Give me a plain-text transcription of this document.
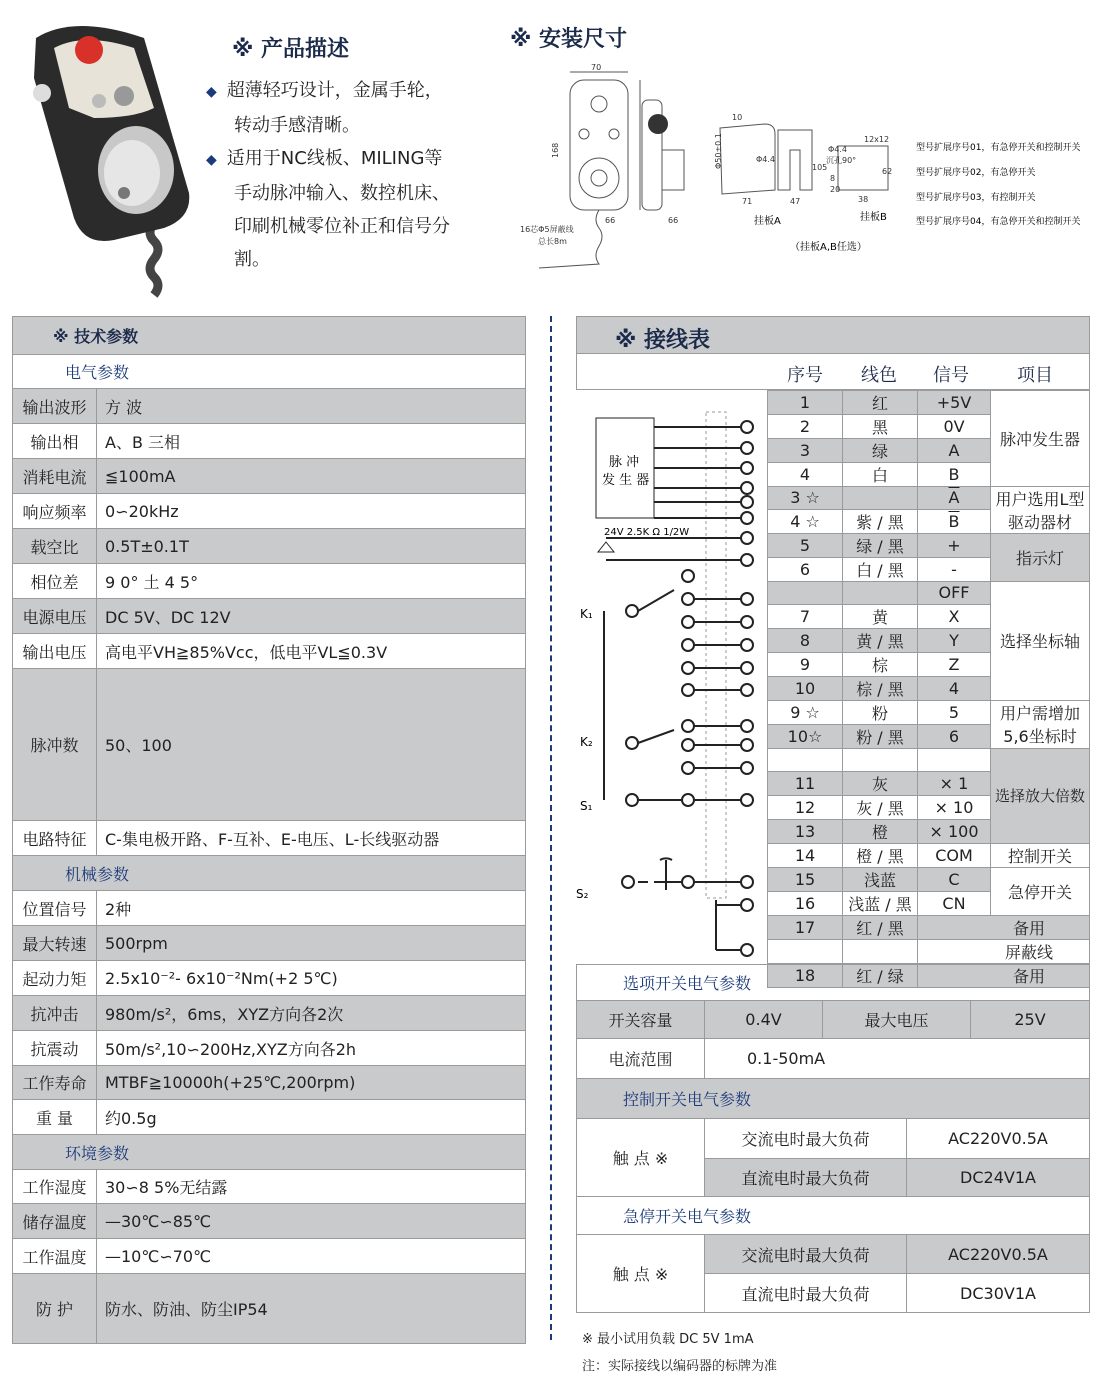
※ 产品描述
◆ 超薄轻巧设计，金属手轮，
转动手感清晰。
◆ 适用于NC线板、MILING等
手动脉冲输入、数控机床、
印刷机械零位补正和信号分
割。
※ 安装尺寸
70
168
66
16芯Φ5屏蔽线
总长8m
66
Φ50±0.1
10
Φ4.4
71	47
105
挂板A
Φ4.4
沉孔90°
12x12
8
20
38
62
挂板B
（挂板A,B任选）
型号扩展序号01，有急停开关和控制开关
型号扩展序号02，有急停开关
型号扩展序号03，有控制开关
型号扩展序号04，有急停开关和控制开关
※ 技术参数	
电气参数	
输出波形	方 波
输出相	A、B 三相
消耗电流	≦100mA
响应频率	0∽20kHz
载空比	0.5T±0.1T
相位差	9 0° 土 4 5°
电源电压	DC 5V、DC 12V
输出电压	高电平VH≧85%Vcc，低电平VL≦0.3V
脉冲数	50、100
电路特征	C-集电极开路、F-互补、E-电压、L-长线驱动器
机械参数	
位置信号	2种
最大转速	500rpm
起动力矩	2.5x10⁻²- 6x10⁻²Nm(+2 5℃)
抗冲击	980m/s²，6ms，XYZ方向各2次
抗震动	50m/s²,10∽200Hz,XYZ方向各2h
工作寿命	MTBF≧10000h(+25℃,200rpm)
重 量	约0.5g
环境参数	
工作湿度	30∽8 5%无结露
储存温度	—30℃∽85℃
工作温度	—10℃∽70℃
防 护	防水、防油、防尘IP54
※ 接线表
序号 线色 信号	项目
脉 冲
发 生 器
24V 2.5K Ω 1/2W
K₁
K₂
S₁
S₂
1	红	+5V	脉冲发生器
2	黑	0V	
3	绿	A	
4	白	B	
3 ☆		$\overline{A}$	用户选用L型驱动器材
4 ☆	紫 / 黑	$\overline{B}$
5	绿 / 黑	+	指示灯
6	白 / 黑	-	
		OFF	选择坐标轴
7	黄	X	
8	黄 / 黑	Y	
9	棕	Z	
10	棕 / 黑	4	
9 ☆	粉	5	用户需增加5,6坐标时
10☆	粉 / 黑	6	
			选择放大倍数
11	灰	× 1	
12	灰 / 黑	× 10	
13	橙	× 100	
14	橙 / 黑	COM	控制开关
15	浅蓝	C	急停开关
16	浅蓝 / 黑	CN	
17	红 / 黑	备用	
		屏蔽线	
18	红 / 绿	备用	
选项开关电气参数			
开关容量	0.4V	最大电压	25V
电流范围	0.1-50mA		
控制开关电气参数			
触 点 ※	交流电时最大负荷	AC220V0.5A
	直流电时最大负荷	DC24V1A
急停开关电气参数		
触 点 ※	交流电时最大负荷	AC220V0.5A
	直流电时最大负荷	DC30V1A
※ 最小试用负载 DC 5V 1mA
注：实际接线以编码器的标牌为准
